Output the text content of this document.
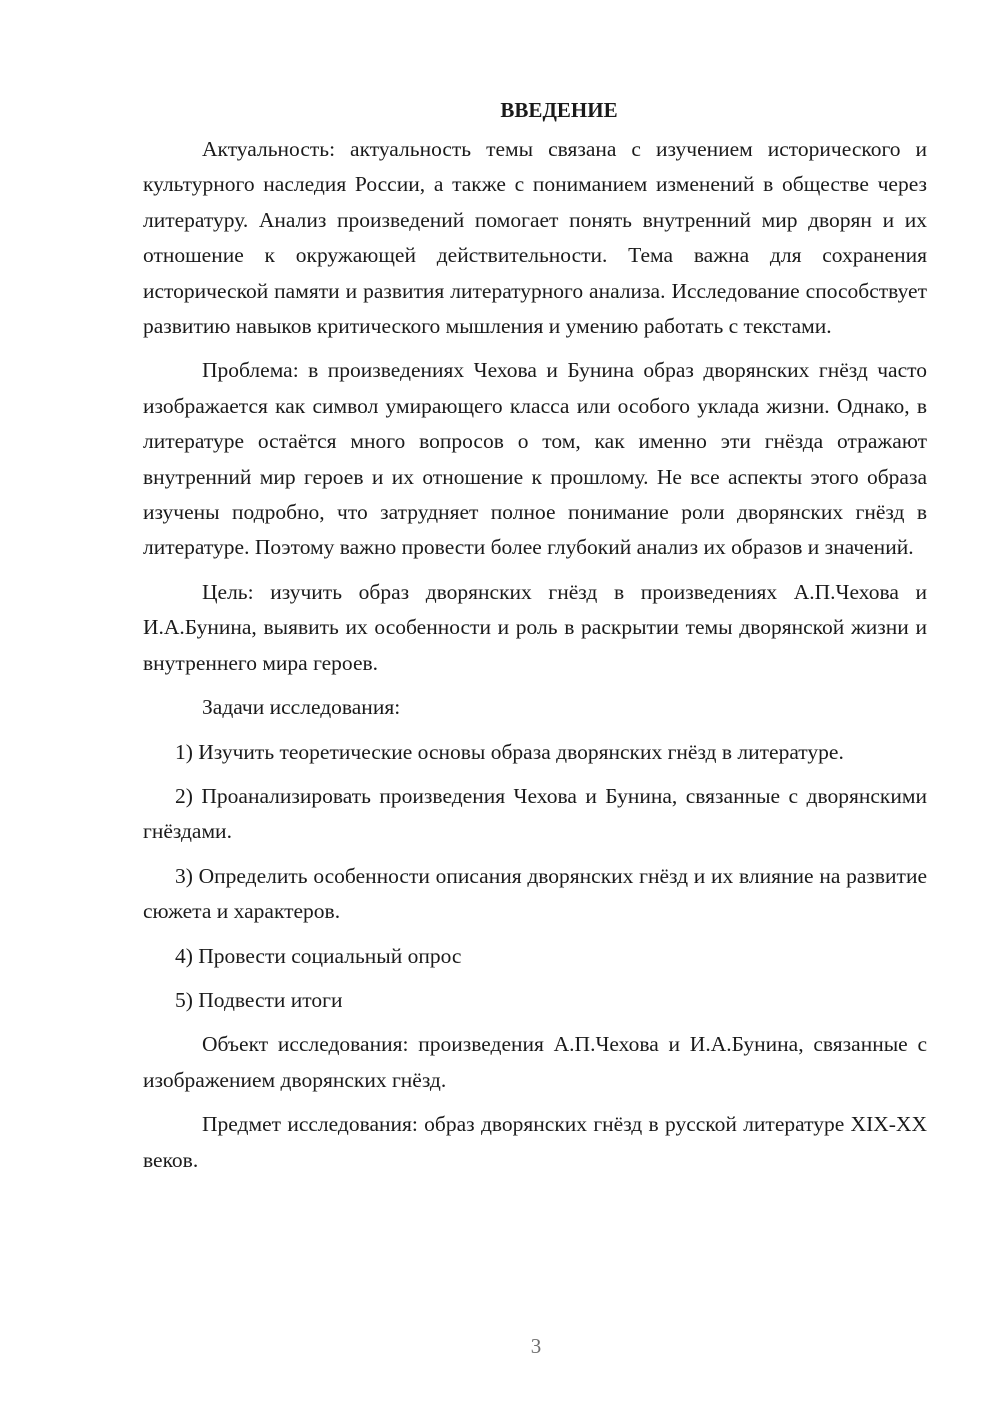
ВВЕДЕНИЕ

Актуальность: актуальность темы связана с изучением исторического и культурного наследия России, а также с пониманием изменений в обществе через литературу. Анализ произведений помогает понять внутренний мир дворян и их отношение к окружающей действительности. Тема важна для сохранения исторической памяти и развития литературного анализа. Исследование способствует развитию навыков критического мышления и умению работать с текстами.

Проблема: в произведениях Чехова и Бунина образ дворянских гнёзд часто изображается как символ умирающего класса или особого уклада жизни. Однако, в литературе остаётся много вопросов о том, как именно эти гнёзда отражают внутренний мир героев и их отношение к прошлому. Не все аспекты этого образа изучены подробно, что затрудняет полное понимание роли дворянских гнёзд в литературе. Поэтому важно провести более глубокий анализ их образов и значений.

Цель: изучить образ дворянских гнёзд в произведениях А.П.Чехова и И.А.Бунина, выявить их особенности и роль в раскрытии темы дворянской жизни и внутреннего мира героев.

Задачи исследования:

1) Изучить теоретические основы образа дворянских гнёзд в литературе.

2) Проанализировать произведения Чехова и Бунина, связанные с дворянскими гнёздами.

3) Определить особенности описания дворянских гнёзд и их влияние на развитие сюжета и характеров.

4) Провести социальный опрос

5) Подвести итоги

Объект исследования: произведения А.П.Чехова и И.А.Бунина, связанные с изображением дворянских гнёзд.

Предмет исследования: образ дворянских гнёзд в русской литературе XIX-XX веков.

3
